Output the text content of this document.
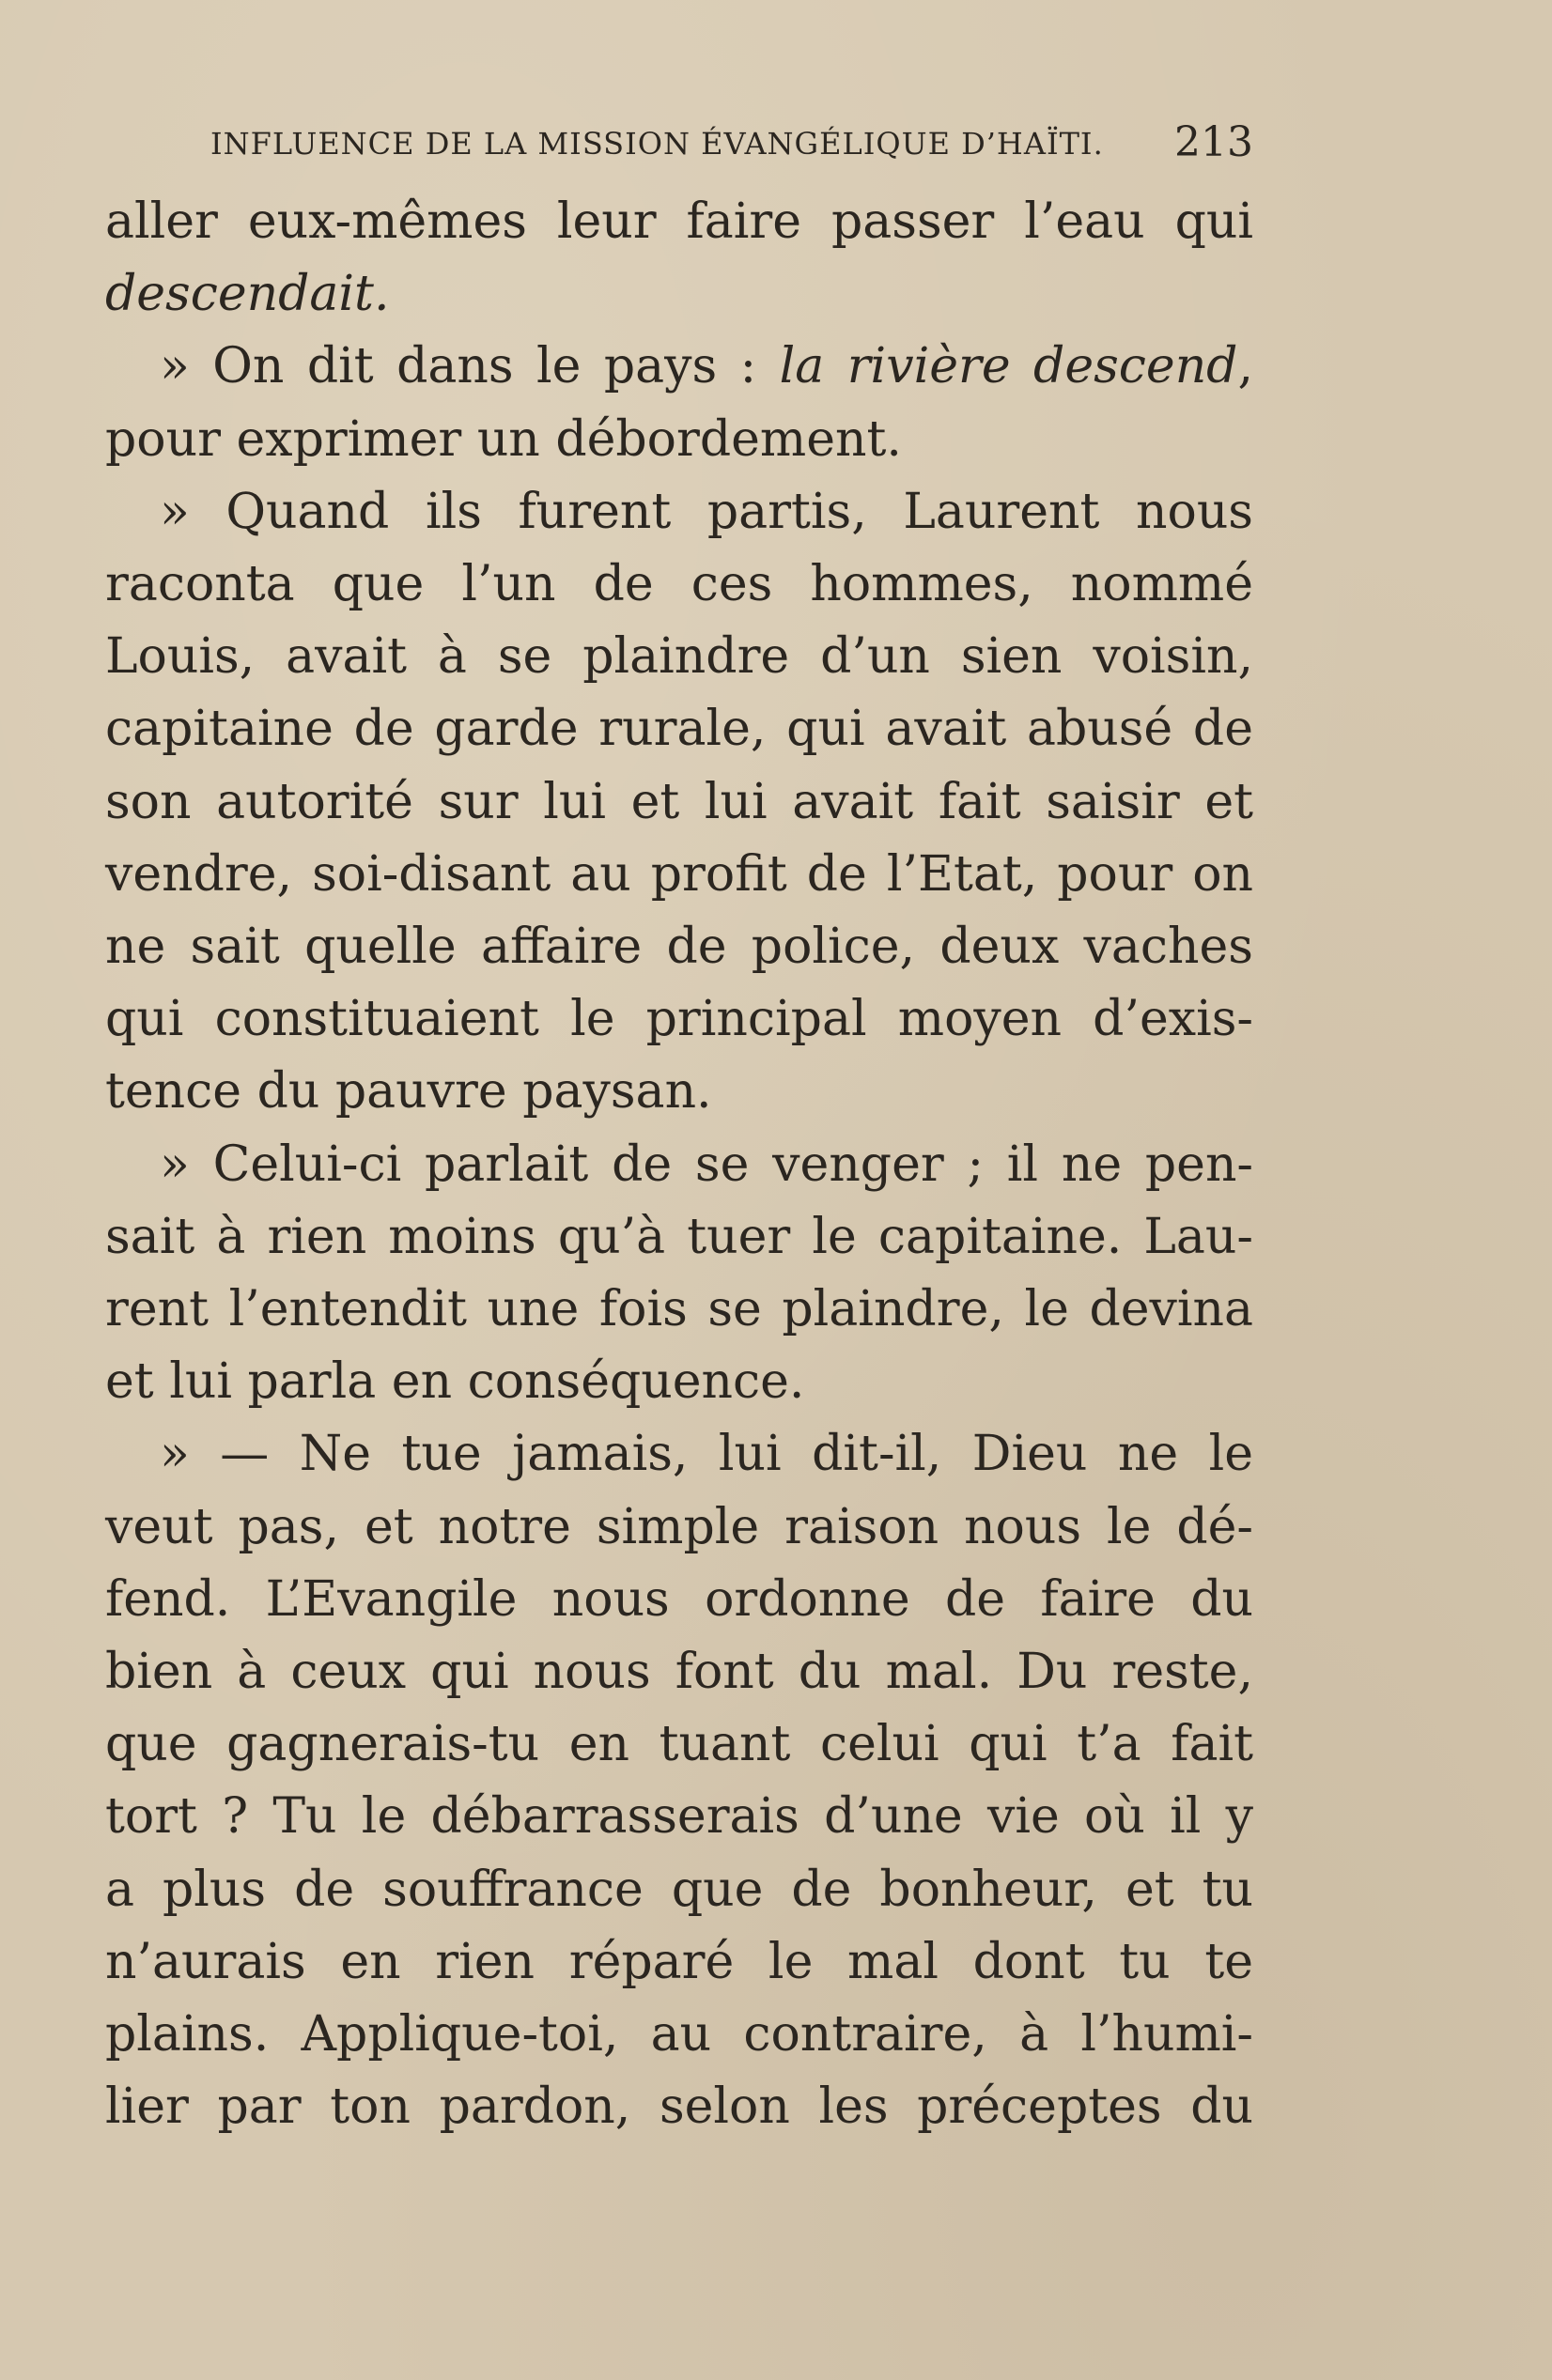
INFLUENCE DE LA MISSION ÉVANGÉLIQUE D’HAÏTI. 213
aller eux-mêmes leur faire passer l’eau qui
descendait.
» On dit dans le pays : la rivière descend,
pour exprimer un débordement.
» Quand ils furent partis, Laurent nous
raconta que l’un de ces hommes, nommé
Louis, avait à se plaindre d’un sien voisin,
capitaine de garde rurale, qui avait abusé de
son autorité sur lui et lui avait fait saisir et
vendre, soi-disant au profit de l’Etat, pour on
ne sait quelle affaire de police, deux vaches
qui constituaient le principal moyen d’exis-
tence du pauvre paysan.
» Celui-ci parlait de se venger ; il ne pen-
sait à rien moins qu’à tuer le capitaine. Lau-
rent l’entendit une fois se plaindre, le devina
et lui parla en conséquence.
» — Ne tue jamais, lui dit-il, Dieu ne le
veut pas, et notre simple raison nous le dé-
fend. L’Evangile nous ordonne de faire du
bien à ceux qui nous font du mal. Du reste,
que gagnerais-tu en tuant celui qui t’a fait
tort ? Tu le débarrasserais d’une vie où il y
a plus de souffrance que de bonheur, et tu
n’aurais en rien réparé le mal dont tu te
plains. Applique-toi, au contraire, à l’humi-
lier par ton pardon, selon les préceptes du
